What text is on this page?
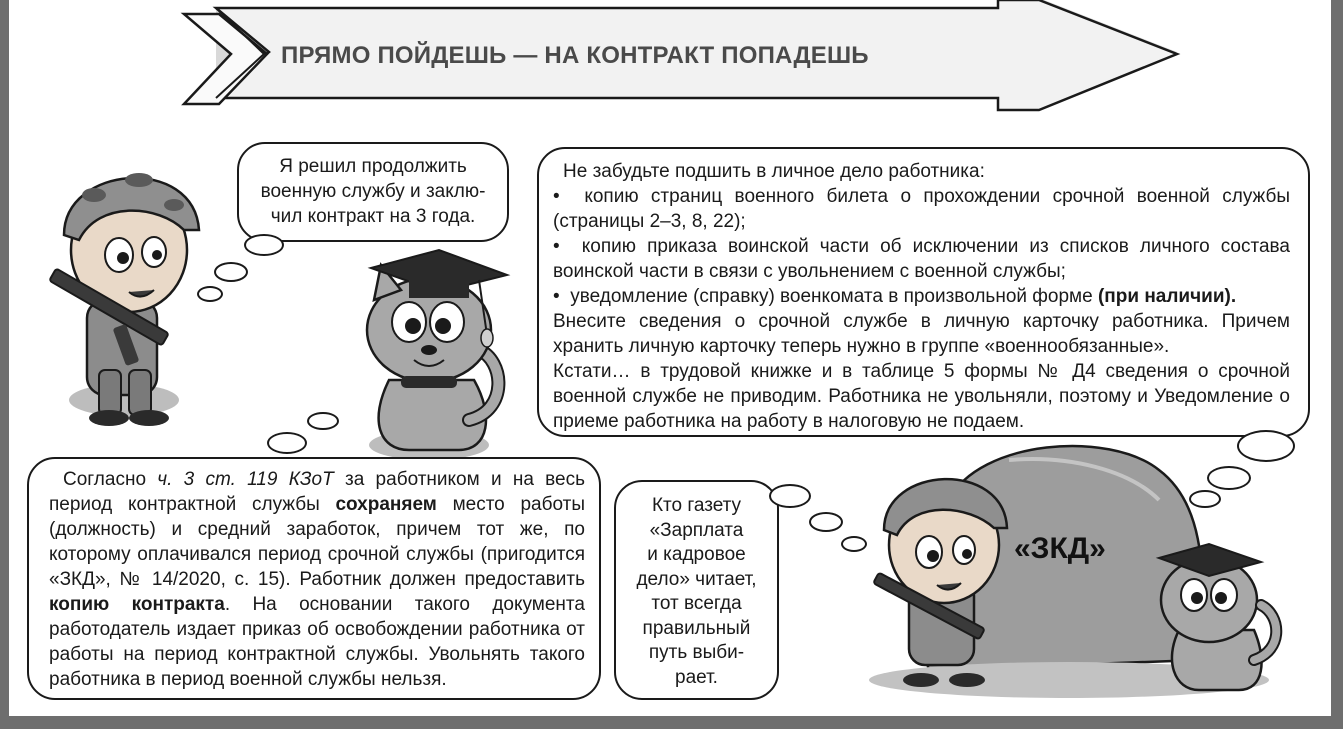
ПРЯМО ПОЙДЕШЬ — НА КОНТРАКТ ПОПАДЕШЬ
«ЗКД»
Я решил продолжить
военную службу и заклю-
чил контракт на 3 года.
Не забудьте подшить в личное дело работника:
• копию страниц военного билета о прохождении срочной военной службы (страницы 2–3, 8, 22);
• копию приказа воинской части об исключении из списков личного состава воинской части в связи с увольнением с военной службы;
• уведомление (справку) военкомата в произвольной форме (при наличии).
Внесите сведения о срочной службе в личную карточку работника. Причем хранить личную карточку теперь нужно в группе «военнообязанные».
Кстати… в трудовой книжке и в таблице 5 формы № Д4 сведения о срочной военной службе не приводим. Работника не увольняли, поэтому и Уведомление о приеме работника на работу в налоговую не подаем.
Согласно ч. 3 ст. 119 КЗоТ за работником и на весь период контрактной службы сохраняем место работы (должность) и средний заработок, причем тот же, по которому оплачивался период срочной службы (пригодится «ЗКД», № 14/2020, с. 15). Работник должен предоставить копию контракта. На основании такого документа работодатель издает приказ об освобождении работника от работы на период контрактной службы. Увольнять такого работника в период военной службы нельзя.
Кто газету
«Зарплата
и кадровое
дело» читает,
тот всегда
правильный
путь выби-
рает.
